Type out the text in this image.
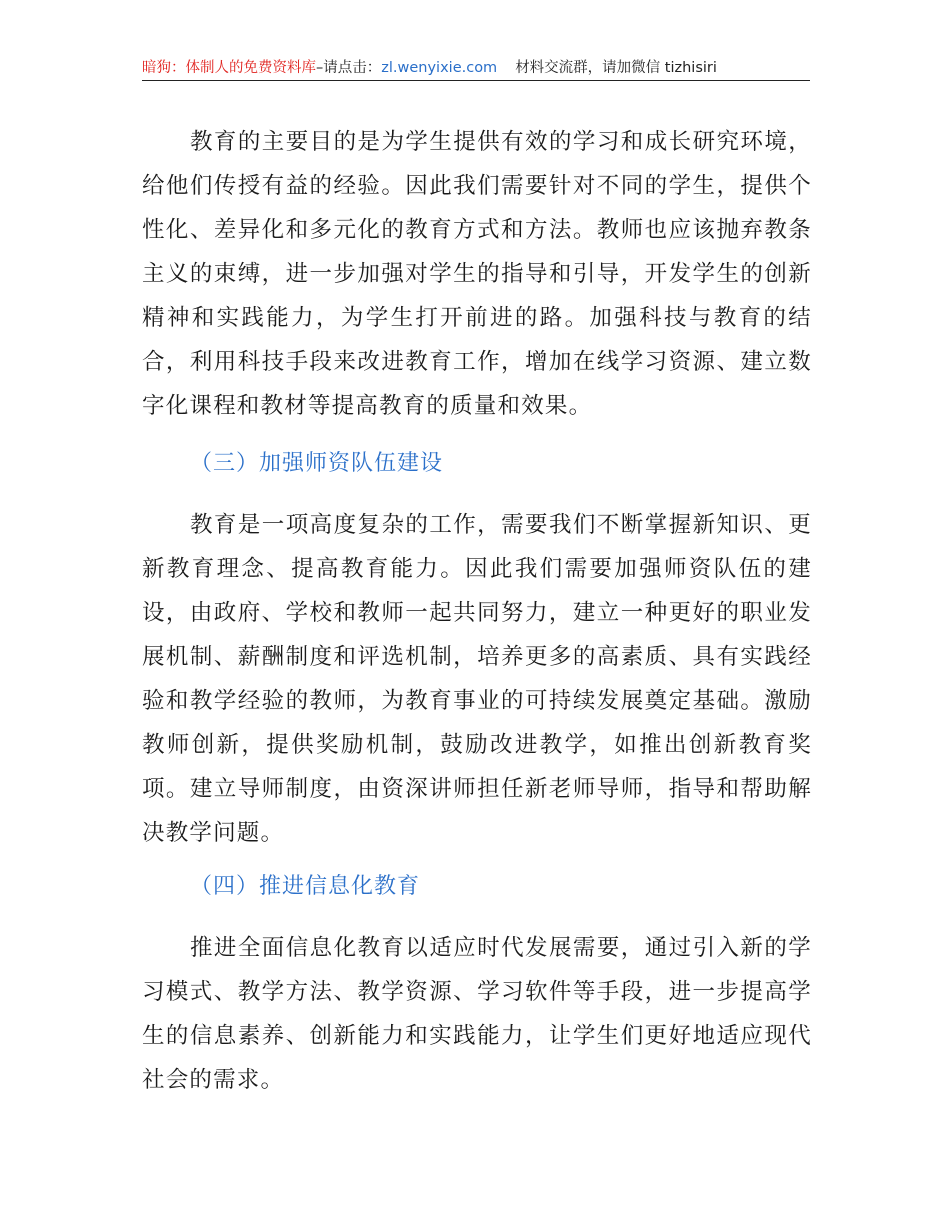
暗狗：体制人的免费资料库–请点击：zl.wenyixie.com 材料交流群，请加微信 tizhisiri

教育的主要目的是为学生提供有效的学习和成长研究环境，给他们传授有益的经验。因此我们需要针对不同的学生，提供个性化、差异化和多元化的教育方式和方法。教师也应该抛弃教条主义的束缚，进一步加强对学生的指导和引导，开发学生的创新精神和实践能力，为学生打开前进的路。加强科技与教育的结合，利用科技手段来改进教育工作，增加在线学习资源、建立数字化课程和教材等提高教育的质量和效果。

（三）加强师资队伍建设

教育是一项高度复杂的工作，需要我们不断掌握新知识、更新教育理念、提高教育能力。因此我们需要加强师资队伍的建设，由政府、学校和教师一起共同努力，建立一种更好的职业发展机制、薪酬制度和评选机制，培养更多的高素质、具有实践经验和教学经验的教师，为教育事业的可持续发展奠定基础。激励教师创新，提供奖励机制，鼓励改进教学，如推出创新教育奖项。建立导师制度，由资深讲师担任新老师导师，指导和帮助解决教学问题。

（四）推进信息化教育

推进全面信息化教育以适应时代发展需要，通过引入新的学习模式、教学方法、教学资源、学习软件等手段，进一步提高学生的信息素养、创新能力和实践能力，让学生们更好地适应现代社会的需求。
